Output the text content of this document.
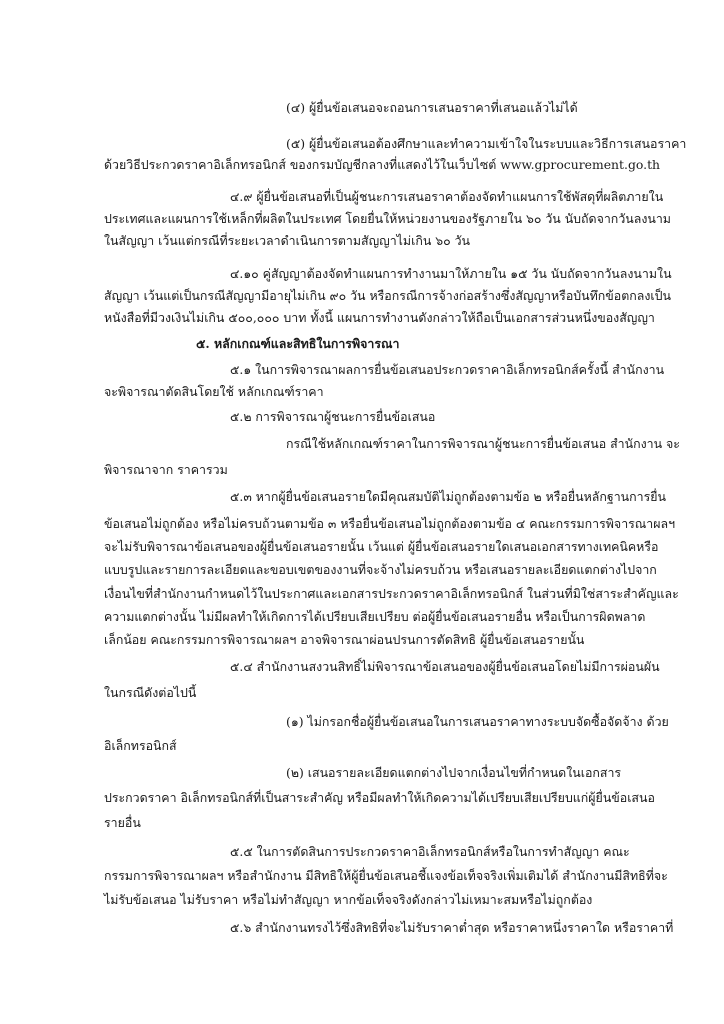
(๔) ผู้ยื่นข้อเสนอจะถอนการเสนอราคาที่เสนอแล้วไม่ได้
(๕) ผู้ยื่นข้อเสนอต้องศึกษาและทำความเข้าใจในระบบและวิธีการเสนอราคา
ด้วยวิธีประกวดราคาอิเล็กทรอนิกส์ ของกรมบัญชีกลางที่แสดงไว้ในเว็บไซต์ www.gprocurement.go.th
๔.๙ ผู้ยื่นข้อเสนอที่เป็นผู้ชนะการเสนอราคาต้องจัดทำแผนการใช้พัสดุที่ผลิตภายใน
ประเทศและแผนการใช้เหล็กที่ผลิตในประเทศ โดยยื่นให้หน่วยงานของรัฐภายใน ๖๐ วัน นับถัดจากวันลงนาม
ในสัญญา เว้นแต่กรณีที่ระยะเวลาดำเนินการตามสัญญาไม่เกิน ๖๐ วัน
๔.๑๐ คู่สัญญาต้องจัดทำแผนการทำงานมาให้ภายใน ๑๕ วัน นับถัดจากวันลงนามใน
สัญญา เว้นแต่เป็นกรณีสัญญามีอายุไม่เกิน ๙๐ วัน หรือกรณีการจ้างก่อสร้างซึ่งสัญญาหรือบันทึกข้อตกลงเป็น
หนังสือที่มีวงเงินไม่เกิน ๕๐๐,๐๐๐ บาท ทั้งนี้ แผนการทำงานดังกล่าวให้ถือเป็นเอกสารส่วนหนึ่งของสัญญา
๕. หลักเกณฑ์และสิทธิในการพิจารณา
๕.๑ ในการพิจารณาผลการยื่นข้อเสนอประกวดราคาอิเล็กทรอนิกส์ครั้งนี้ สำนักงาน
จะพิจารณาตัดสินโดยใช้ หลักเกณฑ์ราคา
๕.๒ การพิจารณาผู้ชนะการยื่นข้อเสนอ
กรณีใช้หลักเกณฑ์ราคาในการพิจารณาผู้ชนะการยื่นข้อเสนอ สำนักงาน จะ
พิจารณาจาก ราคารวม
๕.๓ หากผู้ยื่นข้อเสนอรายใดมีคุณสมบัติไม่ถูกต้องตามข้อ ๒ หรือยื่นหลักฐานการยื่น
ข้อเสนอไม่ถูกต้อง หรือไม่ครบถ้วนตามข้อ ๓ หรือยื่นข้อเสนอไม่ถูกต้องตามข้อ ๔ คณะกรรมการพิจารณาผลฯ
จะไม่รับพิจารณาข้อเสนอของผู้ยื่นข้อเสนอรายนั้น เว้นแต่ ผู้ยื่นข้อเสนอรายใดเสนอเอกสารทางเทคนิคหรือ
แบบรูปและรายการละเอียดและขอบเขตของงานที่จะจ้างไม่ครบถ้วน หรือเสนอรายละเอียดแตกต่างไปจาก
เงื่อนไขที่สำนักงานกำหนดไว้ในประกาศและเอกสารประกวดราคาอิเล็กทรอนิกส์ ในส่วนที่มิใช่สาระสำคัญและ
ความแตกต่างนั้น ไม่มีผลทำให้เกิดการได้เปรียบเสียเปรียบ ต่อผู้ยื่นข้อเสนอรายอื่น หรือเป็นการผิดพลาด
เล็กน้อย คณะกรรมการพิจารณาผลฯ อาจพิจารณาผ่อนปรนการตัดสิทธิ ผู้ยื่นข้อเสนอรายนั้น
๕.๔ สำนักงานสงวนสิทธิ์ไม่พิจารณาข้อเสนอของผู้ยื่นข้อเสนอโดยไม่มีการผ่อนผัน
ในกรณีดังต่อไปนี้
(๑) ไม่กรอกชื่อผู้ยื่นข้อเสนอในการเสนอราคาทางระบบจัดซื้อจัดจ้าง ด้วย
อิเล็กทรอนิกส์
(๒) เสนอรายละเอียดแตกต่างไปจากเงื่อนไขที่กำหนดในเอกสาร
ประกวดราคา อิเล็กทรอนิกส์ที่เป็นสาระสำคัญ หรือมีผลทำให้เกิดความได้เปรียบเสียเปรียบแก่ผู้ยื่นข้อเสนอ
รายอื่น
๕.๕ ในการตัดสินการประกวดราคาอิเล็กทรอนิกส์หรือในการทำสัญญา คณะ
กรรมการพิจารณาผลฯ หรือสำนักงาน มีสิทธิให้ผู้ยื่นข้อเสนอชี้แจงข้อเท็จจริงเพิ่มเติมได้ สำนักงานมีสิทธิที่จะ
ไม่รับข้อเสนอ ไม่รับราคา หรือไม่ทำสัญญา หากข้อเท็จจริงดังกล่าวไม่เหมาะสมหรือไม่ถูกต้อง
๕.๖ สำนักงานทรงไว้ซึ่งสิทธิที่จะไม่รับราคาต่ำสุด หรือราคาหนึ่งราคาใด หรือราคาที่
